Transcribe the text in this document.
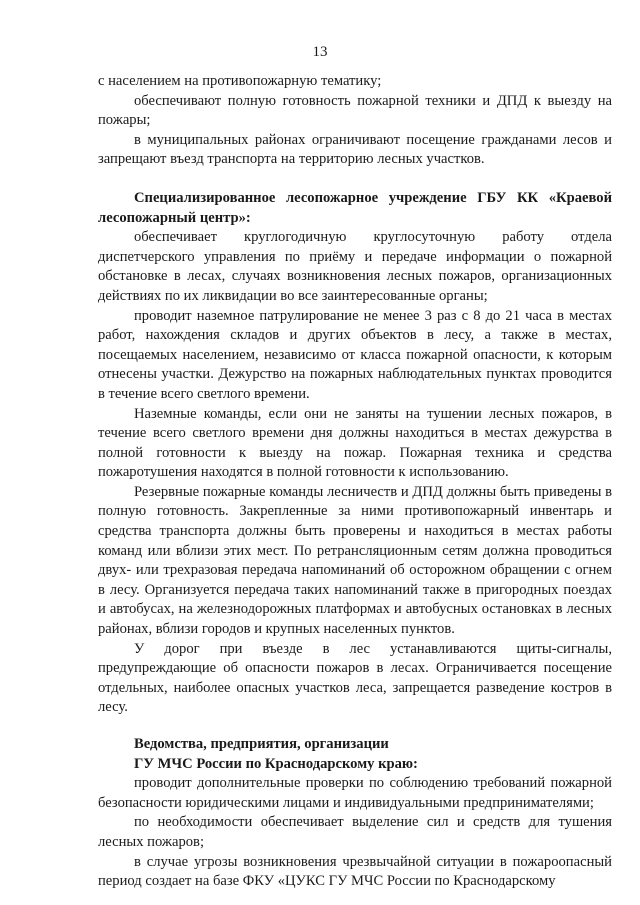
13

с населением на противопожарную тематику;

обеспечивают полную готовность пожарной техники и ДПД к выезду на пожары;

в муниципальных районах ограничивают посещение гражданами лесов и запрещают въезд транспорта на территорию лесных участков.

Специализированное лесопожарное учреждение ГБУ КК «Краевой лесопожарный центр»:

обеспечивает круглогодичную круглосуточную работу отдела диспетчерского управления по приёму и передаче информации о пожарной обстановке в лесах, случаях возникновения лесных пожаров, организационных действиях по их ликвидации во все заинтересованные органы;

проводит наземное патрулирование не менее 3 раз с 8 до 21 часа в местах работ, нахождения складов и других объектов в лесу, а также в местах, посещаемых населением, независимо от класса пожарной опасности, к которым отнесены участки. Дежурство на пожарных наблюдательных пунктах проводится в течение всего светлого времени.

Наземные команды, если они не заняты на тушении лесных пожаров, в течение всего светлого времени дня должны находиться в местах дежурства в полной готовности к выезду на пожар. Пожарная техника и средства пожаротушения находятся в полной готовности к использованию.

Резервные пожарные команды лесничеств и ДПД должны быть приведены в полную готовность. Закрепленные за ними противопожарный инвентарь и средства транспорта должны быть проверены и находиться в местах работы команд или вблизи этих мест. По ретрансляционным сетям должна проводиться двух- или трехразовая передача напоминаний об осторожном обращении с огнем в лесу. Организуется передача таких напоминаний также в пригородных поездах и автобусах, на железнодорожных платформах и автобусных остановках в лесных районах, вблизи городов и крупных населенных пунктов.

У дорог при въезде в лес устанавливаются щиты-сигналы, предупреждающие об опасности пожаров в лесах. Ограничивается посещение отдельных, наиболее опасных участков леса, запрещается разведение костров в лесу.

Ведомства, предприятия, организации
ГУ МЧС России по Краснодарскому краю:

проводит дополнительные проверки по соблюдению требований пожарной безопасности юридическими лицами и индивидуальными предпринимателями;

по необходимости обеспечивает выделение сил и средств для тушения лесных пожаров;

в случае угрозы возникновения чрезвычайной ситуации в пожароопасный период создает на базе ФКУ «ЦУКС ГУ МЧС России по Краснодарскому
